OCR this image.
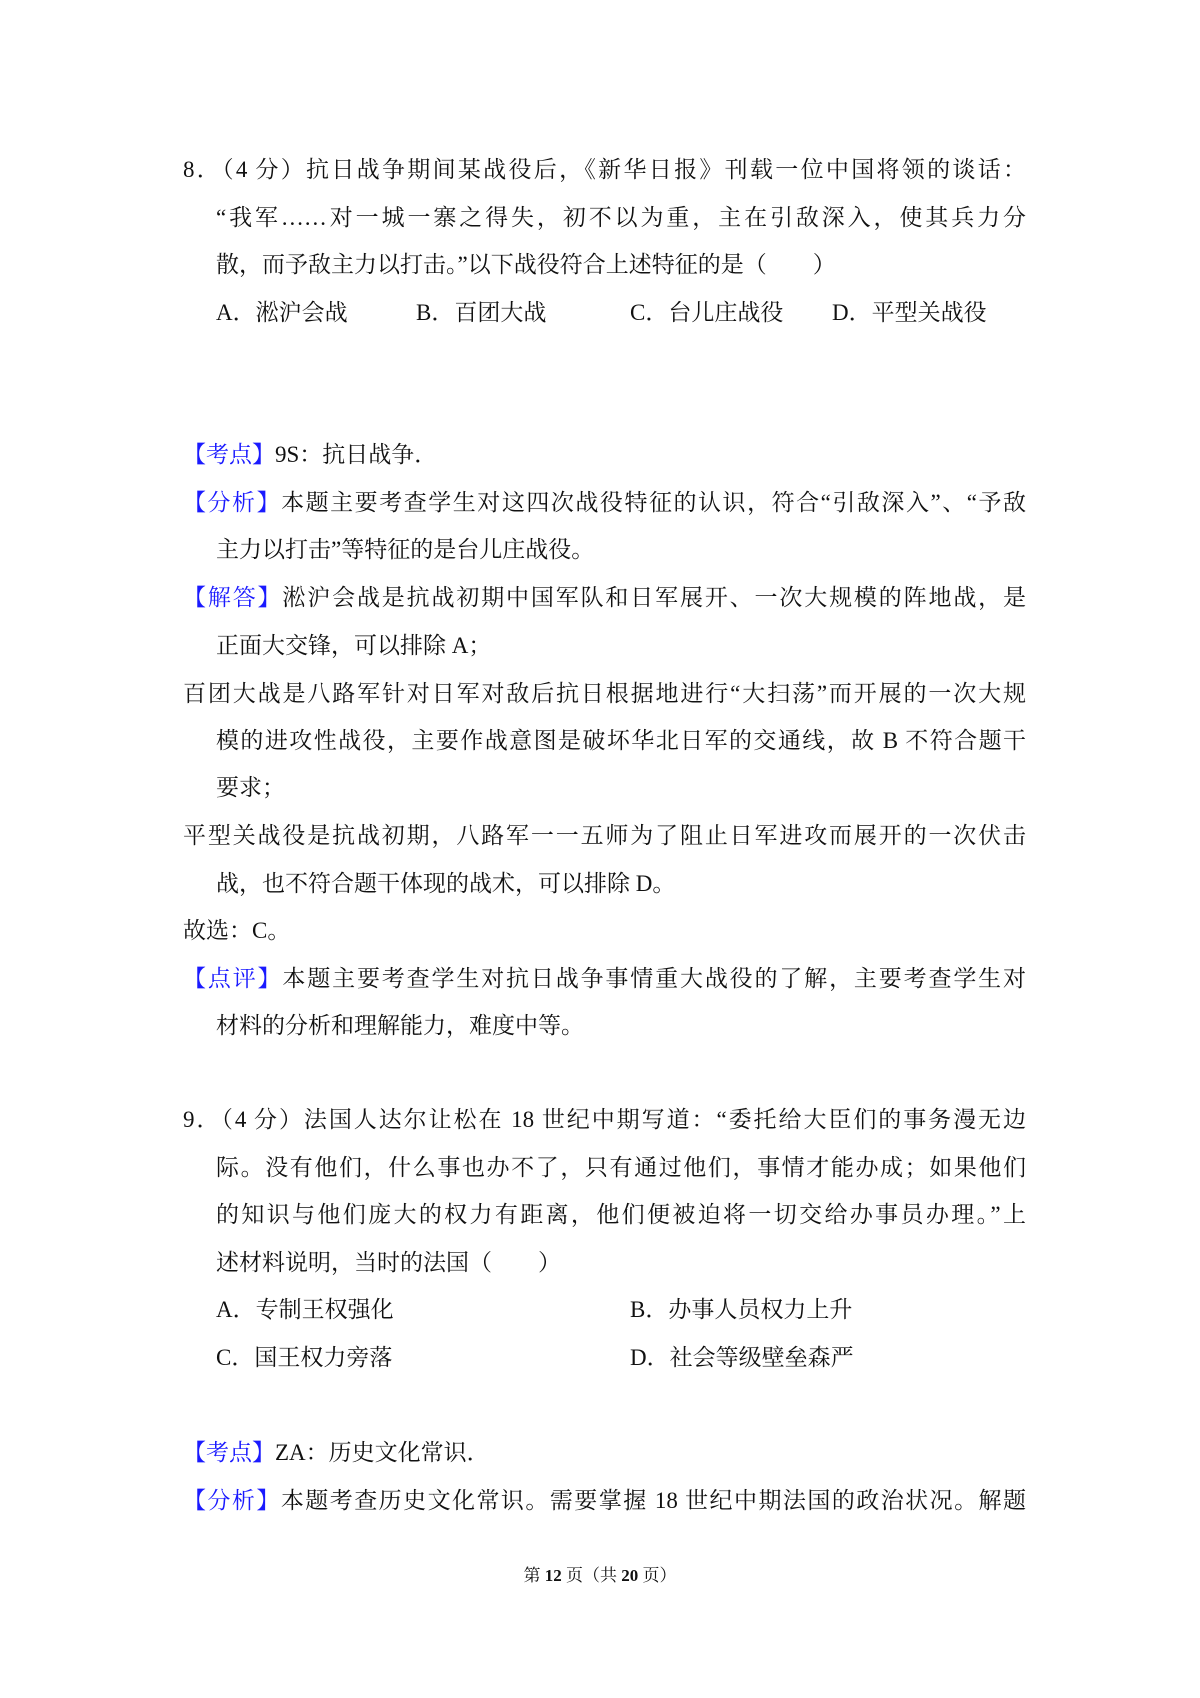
8．（4 分）抗日战争期间某战役后，《新华日报》刊载一位中国将领的谈话：
“我军……对一城一寨之得失，初不以为重，主在引敌深入，使其兵力分
散，而予敌主力以打击。”以下战役符合上述特征的是（　　）
A．淞沪会战	B．百团大战	C．台儿庄战役 D．平型关战役
【考点】9S：抗日战争．
【分析】本题主要考查学生对这四次战役特征的认识，符合“引敌深入”、“予敌
主力以打击”等特征的是台儿庄战役。
【解答】淞沪会战是抗战初期中国军队和日军展开、一次大规模的阵地战，是
正面大交锋，可以排除 A；
百团大战是八路军针对日军对敌后抗日根据地进行“大扫荡”而开展的一次大规
模的进攻性战役，主要作战意图是破坏华北日军的交通线，故 B 不符合题干
要求；
平型关战役是抗战初期，八路军一一五师为了阻止日军进攻而展开的一次伏击
战，也不符合题干体现的战术，可以排除 D。
故选：C。
【点评】本题主要考查学生对抗日战争事情重大战役的了解，主要考查学生对
材料的分析和理解能力，难度中等。
9．（4 分）法国人达尔让松在 18 世纪中期写道：“委托给大臣们的事务漫无边
际。没有他们，什么事也办不了，只有通过他们，事情才能办成；如果他们
的知识与他们庞大的权力有距离，他们便被迫将一切交给办事员办理。”上
述材料说明，当时的法国（　　）
A．专制王权强化	B．办事人员权力上升
C．国王权力旁落	D．社会等级壁垒森严
【考点】ZA：历史文化常识．
【分析】本题考查历史文化常识。需要掌握 18 世纪中期法国的政治状况。解题
第 12 页（共 20 页）
